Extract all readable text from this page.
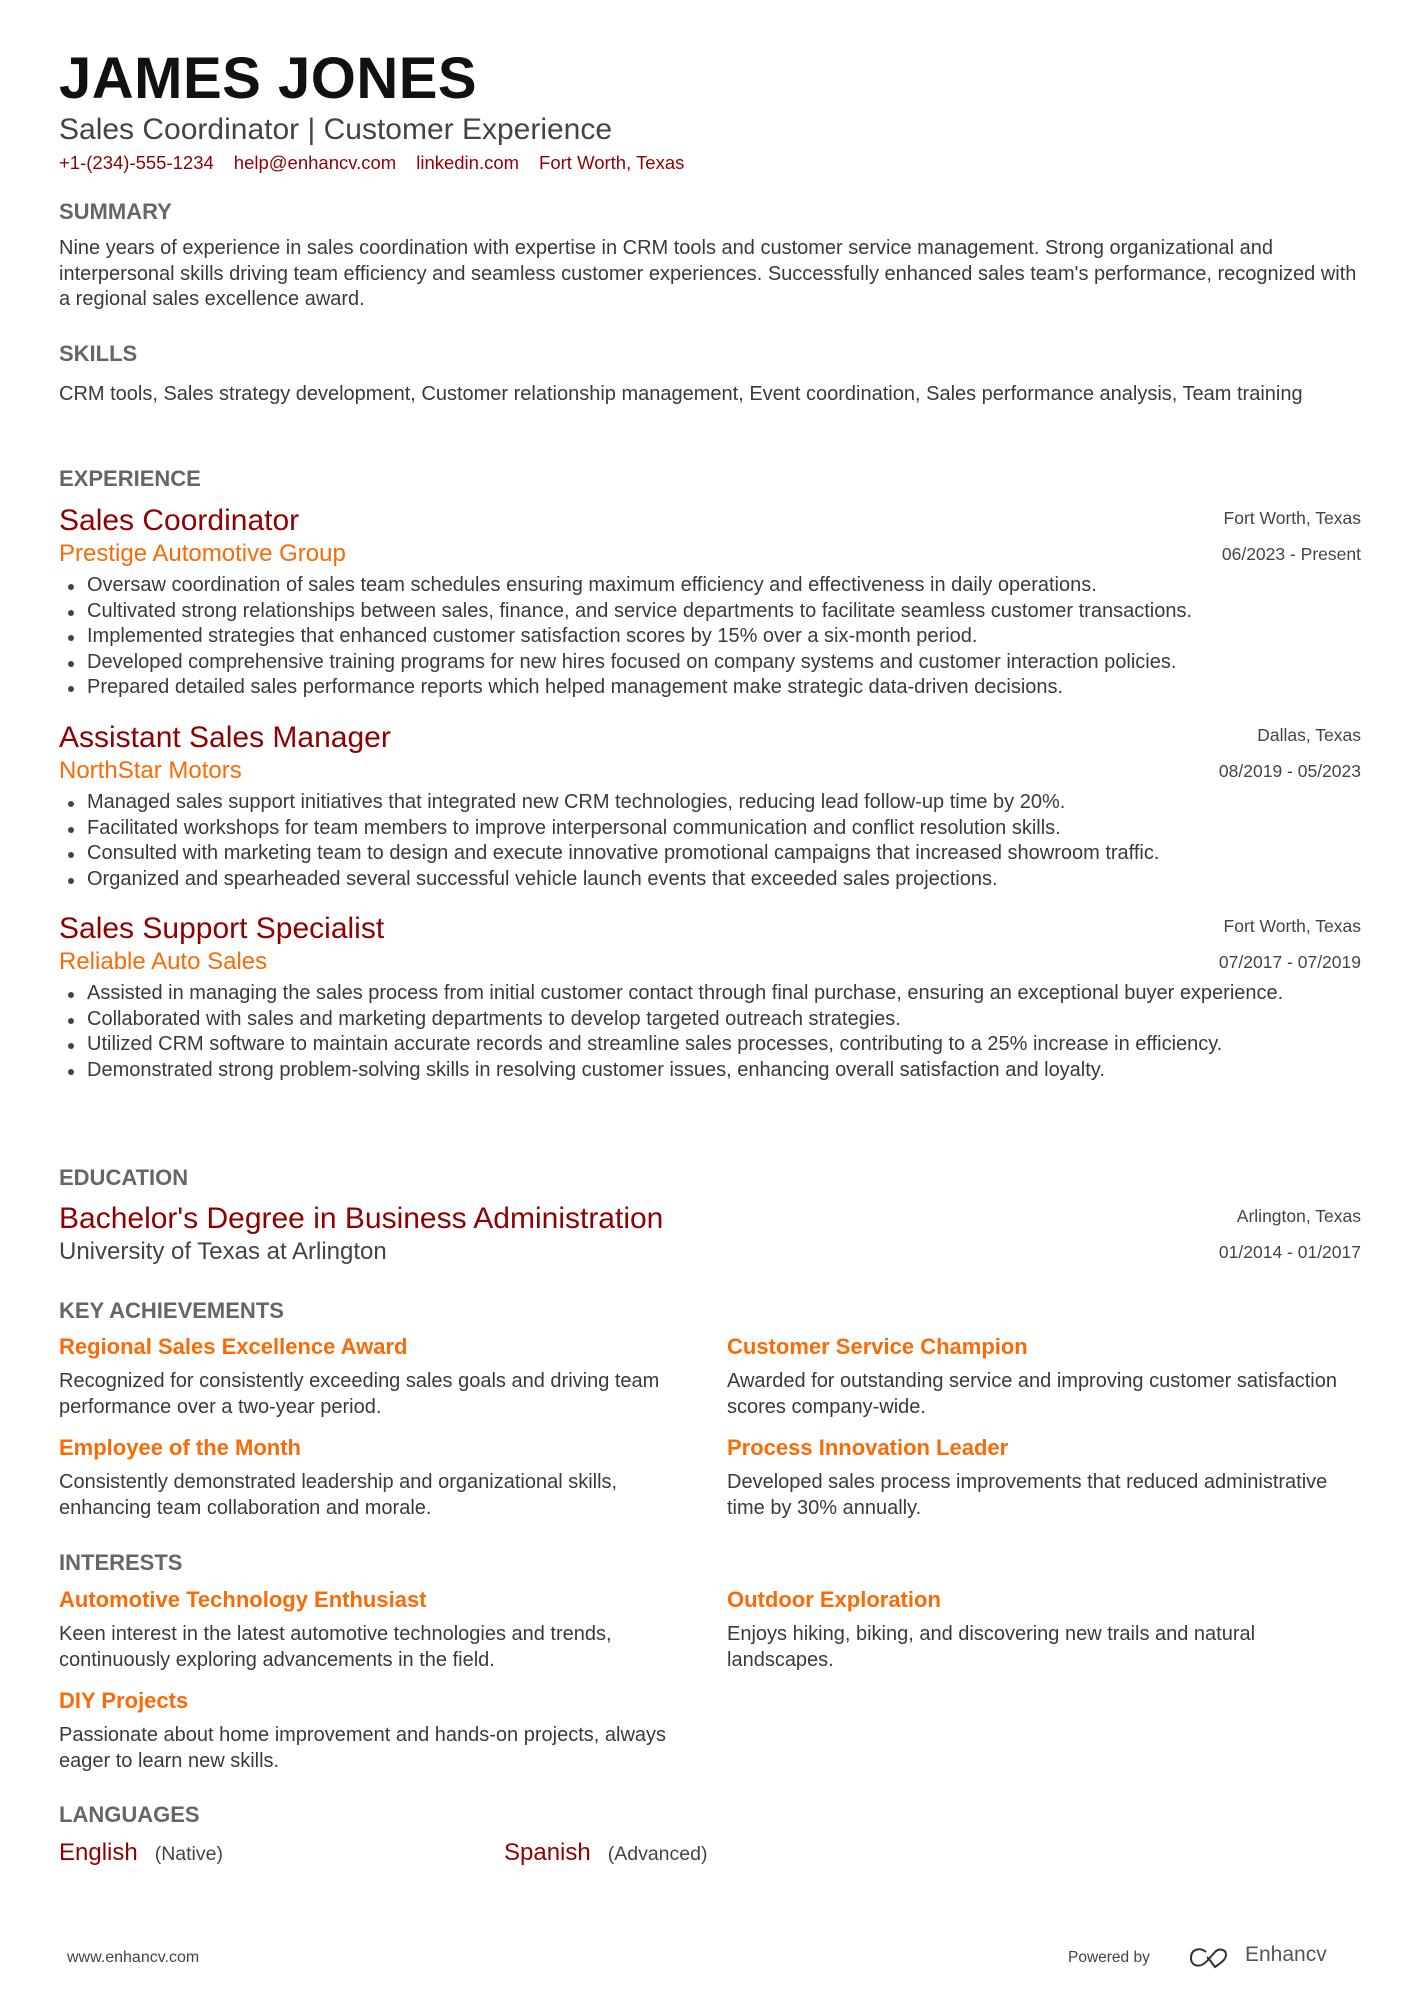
JAMES JONES
Sales Coordinator | Customer Experience
+1-(234)-555-1234 help@enhancv.com linkedin.com Fort Worth, Texas
SUMMARY
Nine years of experience in sales coordination with expertise in CRM tools and customer service management. Strong organizational and interpersonal skills driving team efficiency and seamless customer experiences. Successfully enhanced sales team's performance, recognized with a regional sales excellence award.
SKILLS
CRM tools, Sales strategy development, Customer relationship management, Event coordination, Sales performance analysis, Team training
EXPERIENCE
Sales Coordinator
Prestige Automotive Group
Fort Worth, Texas
06/2023 - Present
Oversaw coordination of sales team schedules ensuring maximum efficiency and effectiveness in daily operations.
Cultivated strong relationships between sales, finance, and service departments to facilitate seamless customer transactions.
Implemented strategies that enhanced customer satisfaction scores by 15% over a six-month period.
Developed comprehensive training programs for new hires focused on company systems and customer interaction policies.
Prepared detailed sales performance reports which helped management make strategic data-driven decisions.
Assistant Sales Manager
NorthStar Motors
Dallas, Texas
08/2019 - 05/2023
Managed sales support initiatives that integrated new CRM technologies, reducing lead follow-up time by 20%.
Facilitated workshops for team members to improve interpersonal communication and conflict resolution skills.
Consulted with marketing team to design and execute innovative promotional campaigns that increased showroom traffic.
Organized and spearheaded several successful vehicle launch events that exceeded sales projections.
Sales Support Specialist
Reliable Auto Sales
Fort Worth, Texas
07/2017 - 07/2019
Assisted in managing the sales process from initial customer contact through final purchase, ensuring an exceptional buyer experience.
Collaborated with sales and marketing departments to develop targeted outreach strategies.
Utilized CRM software to maintain accurate records and streamline sales processes, contributing to a 25% increase in efficiency.
Demonstrated strong problem-solving skills in resolving customer issues, enhancing overall satisfaction and loyalty.
EDUCATION
Bachelor's Degree in Business Administration
University of Texas at Arlington
Arlington, Texas
01/2014 - 01/2017
KEY ACHIEVEMENTS
Regional Sales Excellence Award
Recognized for consistently exceeding sales goals and driving team performance over a two-year period.
Customer Service Champion
Awarded for outstanding service and improving customer satisfaction scores company-wide.
Employee of the Month
Consistently demonstrated leadership and organizational skills, enhancing team collaboration and morale.
Process Innovation Leader
Developed sales process improvements that reduced administrative time by 30% annually.
INTERESTS
Automotive Technology Enthusiast
Keen interest in the latest automotive technologies and trends, continuously exploring advancements in the field.
Outdoor Exploration
Enjoys hiking, biking, and discovering new trails and natural landscapes.
DIY Projects
Passionate about home improvement and hands-on projects, always eager to learn new skills.
LANGUAGES
English (Native)	Spanish (Advanced)
www.enhancv.com	Powered by	Enhancv
